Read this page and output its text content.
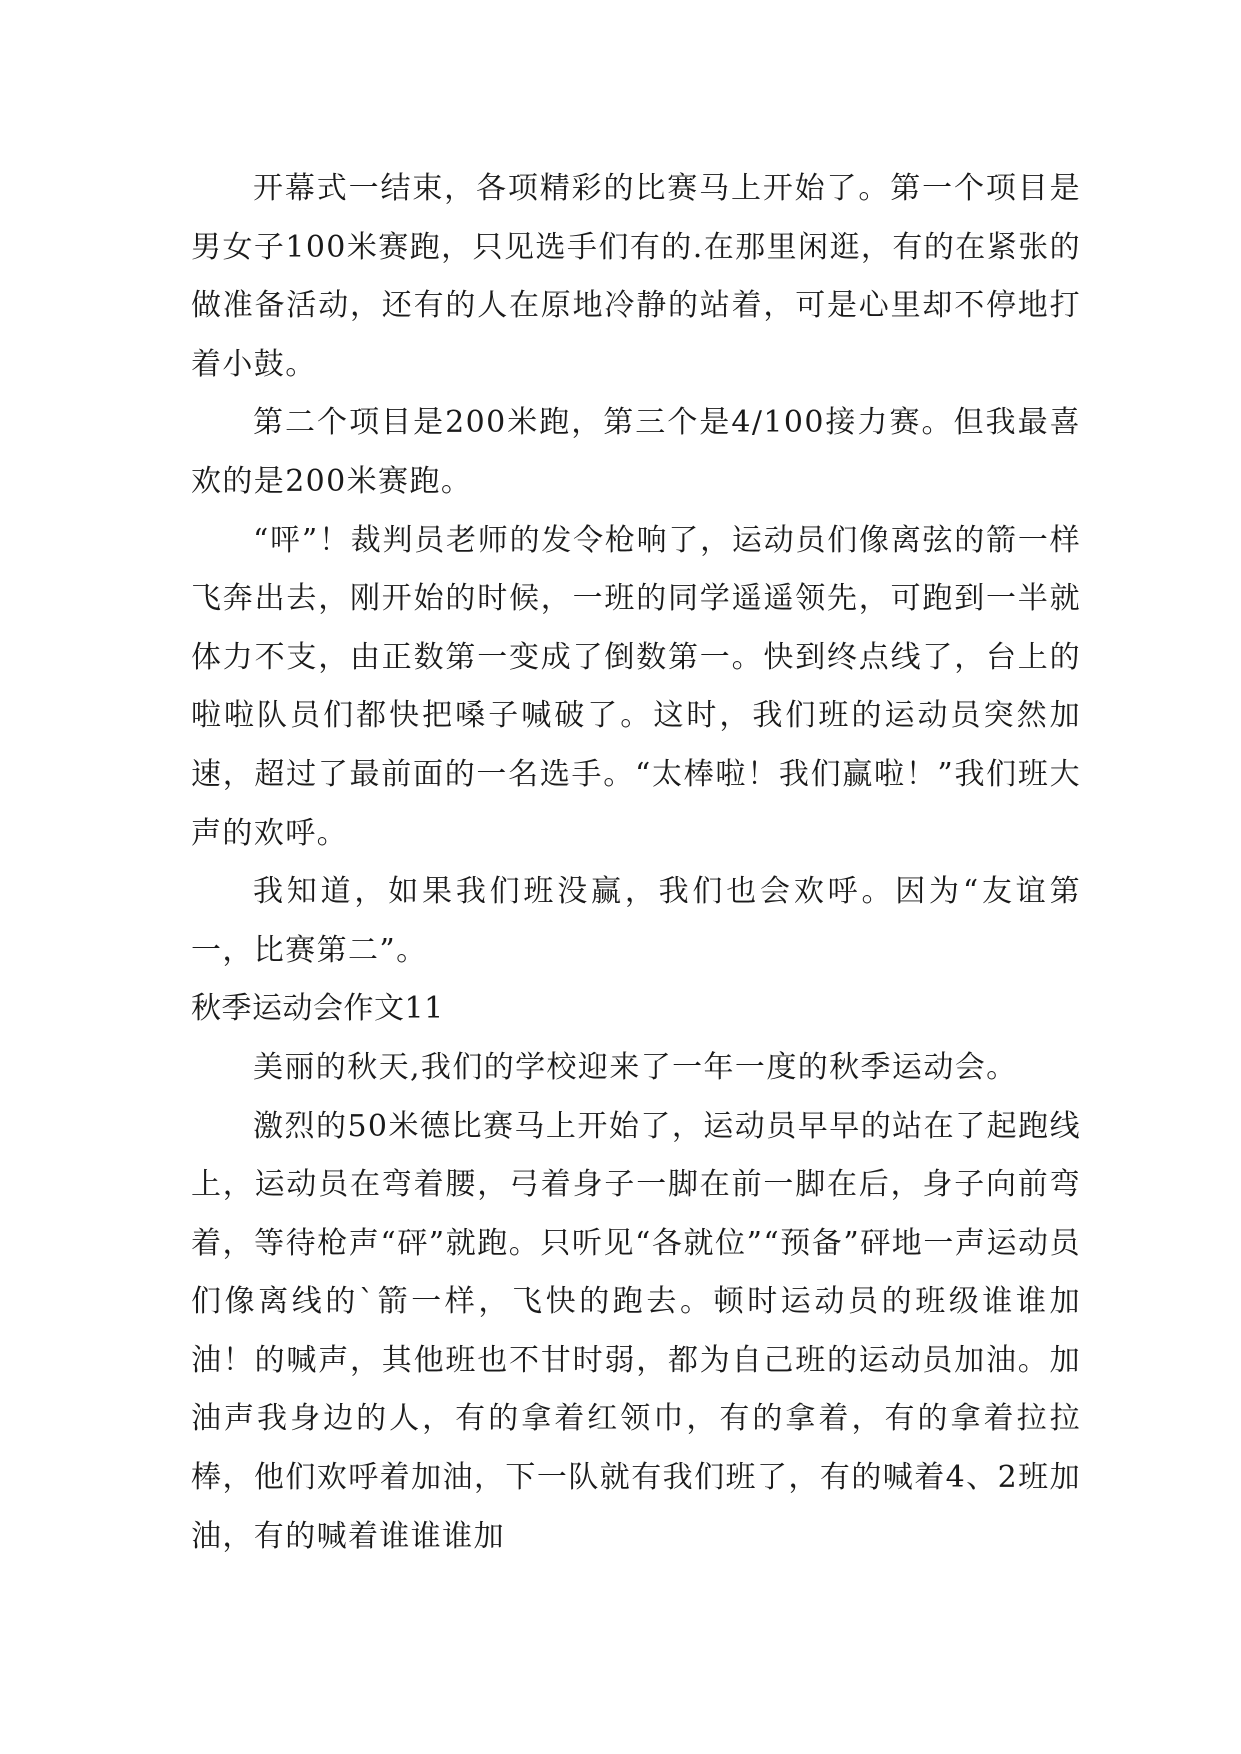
开幕式一结束，各项精彩的比赛马上开始了。第一个项目是男女子100米赛跑，只见选手们有的.在那里闲逛，有的在紧张的做准备活动，还有的人在原地冷静的站着，可是心里却不停地打着小鼓。

第二个项目是200米跑，第三个是4/100接力赛。但我最喜欢的是200米赛跑。

“呯”！裁判员老师的发令枪响了，运动员们像离弦的箭一样飞奔出去，刚开始的时候，一班的同学遥遥领先，可跑到一半就体力不支，由正数第一变成了倒数第一。快到终点线了，台上的啦啦队员们都快把嗓子喊破了。这时，我们班的运动员突然加速，超过了最前面的一名选手。“太棒啦！我们赢啦！”我们班大声的欢呼。

我知道，如果我们班没赢，我们也会欢呼。因为“友谊第一，比赛第二”。

秋季运动会作文11

美丽的秋天,我们的学校迎来了一年一度的秋季运动会。

激烈的50米德比赛马上开始了，运动员早早的站在了起跑线上，运动员在弯着腰，弓着身子一脚在前一脚在后，身子向前弯着，等待枪声“砰”就跑。只听见“各就位”“预备”砰地一声运动员们像离线的`箭一样，飞快的跑去。顿时运动员的班级谁谁加油！的喊声，其他班也不甘时弱，都为自己班的运动员加油。加油声我身边的人，有的拿着红领巾，有的拿着，有的拿着拉拉棒，他们欢呼着加油，下一队就有我们班了，有的喊着4、2班加油，有的喊着谁谁谁加
